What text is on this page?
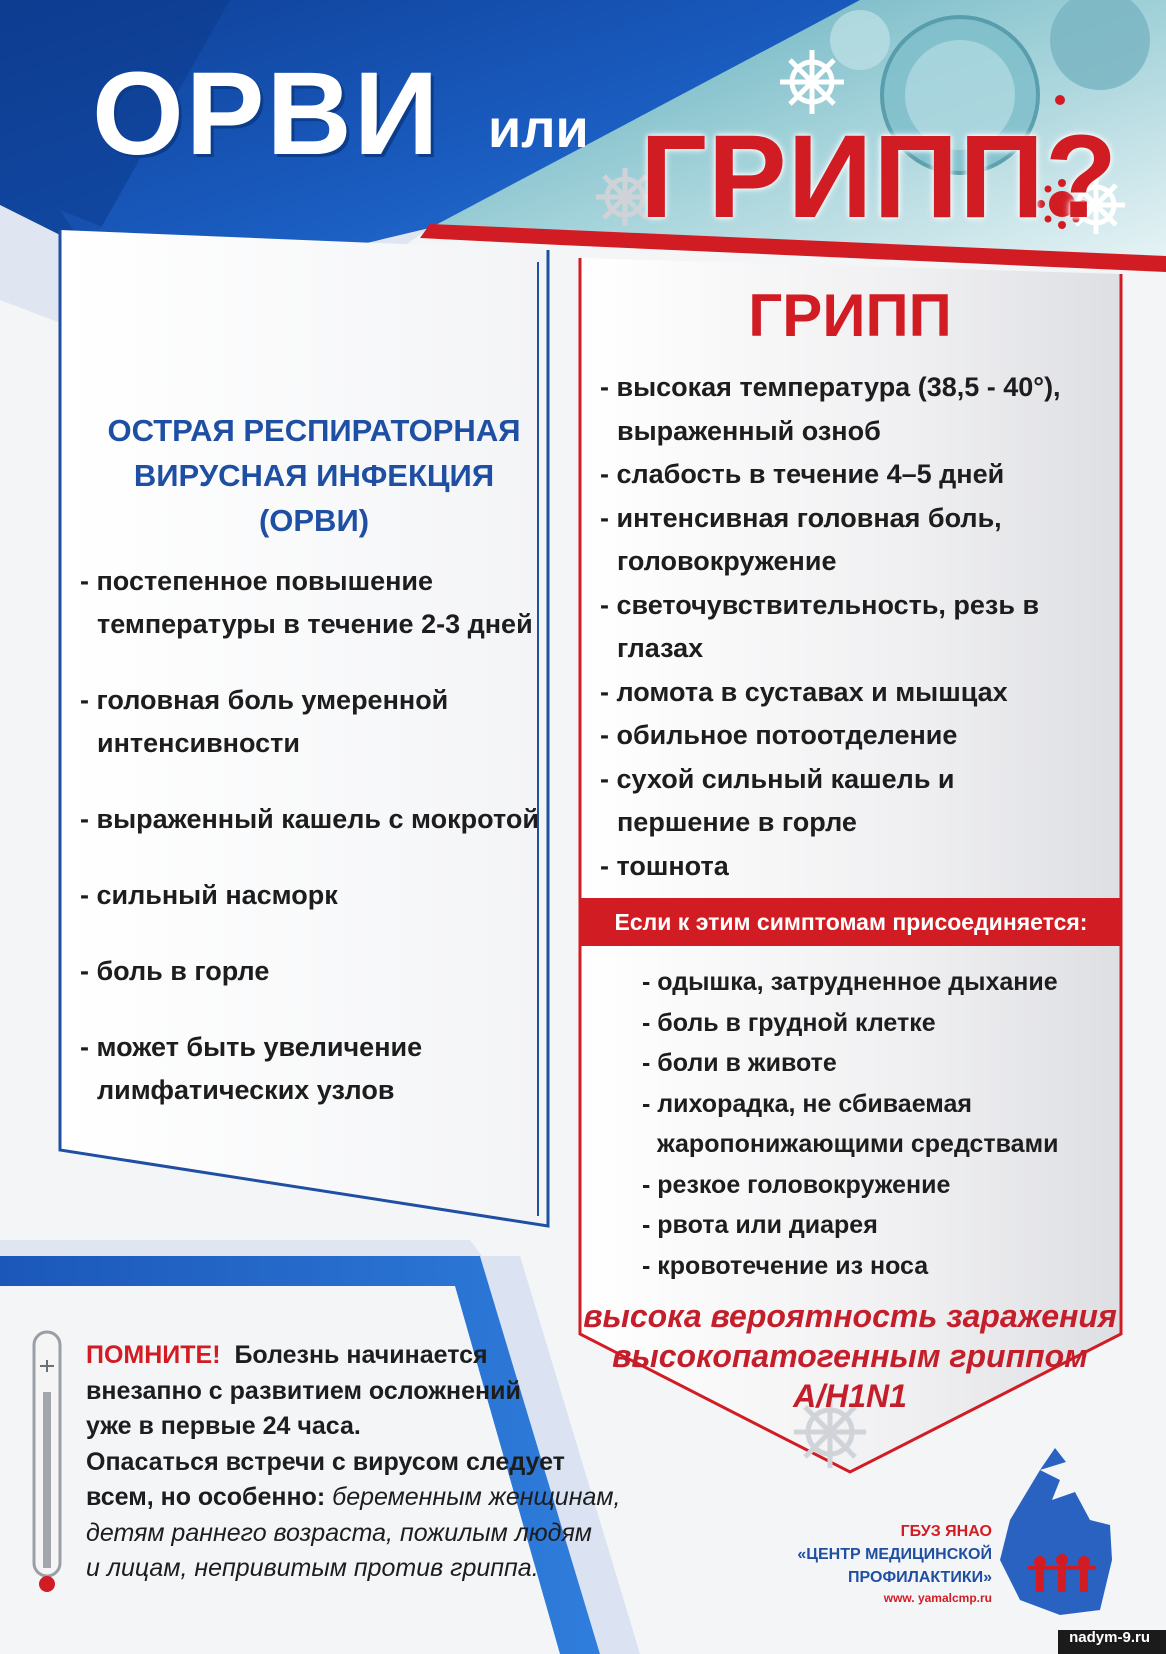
ОРВИ или ГРИПП?
ОСТРАЯ РЕСПИРАТОРНАЯ
ВИРУСНАЯ ИНФЕКЦИЯ
(ОРВИ)
- постепенное повышение температуры в течение 2-3 дней
- головная боль умеренной интенсивности
- выраженный кашель с мокротой
- сильный насморк
- боль в горле
- может быть увеличение лимфатических узлов
ГРИПП
- высокая температура (38,5 - 40°), выраженный озноб
- слабость в течение 4–5 дней
- интенсивная головная боль, головокружение
- светочувствительность, резь в глазах
- ломота в суставах и мышцах
- обильное потоотделение
- сухой сильный кашель и першение в горле
- тошнота
Если к этим симптомам присоединяется:
- одышка, затрудненное дыхание
- боль в грудной клетке
- боли в животе
- лихорадка, не сбиваемая жаропонижающими средствами
- резкое головокружение
- рвота или диарея
- кровотечение из носа
высока вероятность заражения
высокопатогенным гриппом
A/H1N1
ПОМНИТЕ! Болезнь начинается
внезапно с развитием осложнений
уже в первые 24 часа.
Опасаться встречи с вирусом следует
всем, но особенно: беременным женщинам,
детям раннего возраста, пожилым людям
и лицам, непривитым против гриппа.
ГБУЗ ЯНАО
«ЦЕНТР МЕДИЦИНСКОЙ
ПРОФИЛАКТИКИ»
www. yamalcmp.ru
nadym-9.ru
